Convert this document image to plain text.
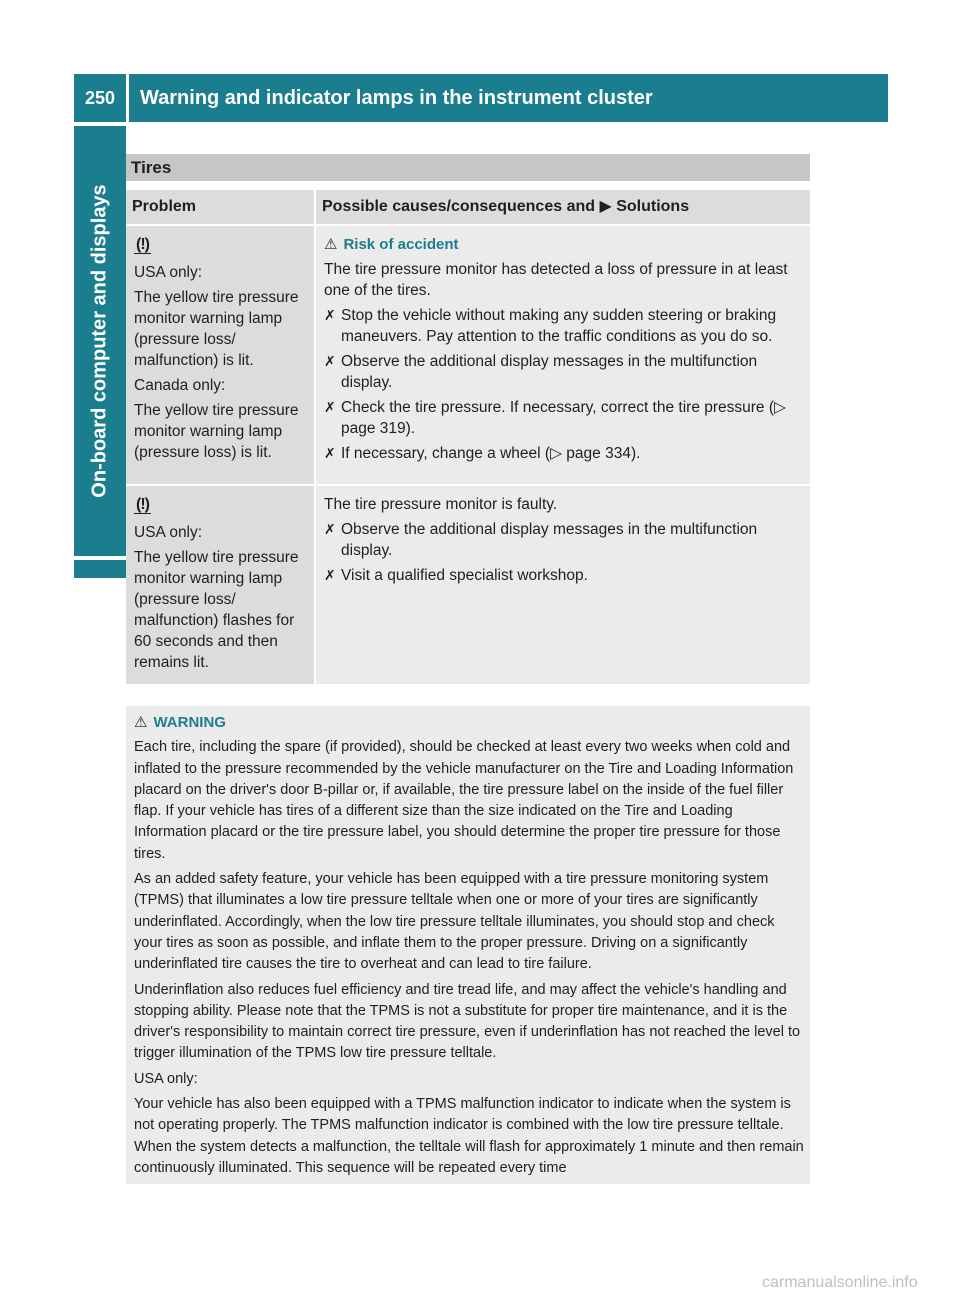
250	Warning and indicator lamps in the instrument cluster
On-board computer and displays
Tires
Problem	Possible causes/consequences and ▶ Solutions
(!)

USA only:

The yellow tire pressure monitor warning lamp (pressure loss/ malfunction) is lit.

Canada only:

The yellow tire pressure monitor warning lamp (pressure loss) is lit.

⚠ Risk of accident

The tire pressure monitor has detected a loss of pressure in at least one of the tires.

✗ Stop the vehicle without making any sudden steering or braking maneuvers. Pay attention to the traffic conditions as you do so.
✗ Observe the additional display messages in the multifunction display.
✗ Check the tire pressure. If necessary, correct the tire pressure (▷ page 319).
✗ If necessary, change a wheel (▷ page 334).
(!)

USA only:

The yellow tire pressure monitor warning lamp (pressure loss/ malfunction) flashes for 60 seconds and then remains lit.

The tire pressure monitor is faulty.

✗ Observe the additional display messages in the multifunction display.
✗ Visit a qualified specialist workshop.
⚠ WARNING

Each tire, including the spare (if provided), should be checked at least every two weeks when cold and inflated to the pressure recommended by the vehicle manufacturer on the Tire and Loading Information placard on the driver's door B-pillar or, if available, the tire pressure label on the inside of the fuel filler flap. If your vehicle has tires of a different size than the size indicated on the Tire and Loading Information placard or the tire pressure label, you should determine the proper tire pressure for those tires.

As an added safety feature, your vehicle has been equipped with a tire pressure monitoring system (TPMS) that illuminates a low tire pressure telltale when one or more of your tires are significantly underinflated. Accordingly, when the low tire pressure telltale illuminates, you should stop and check your tires as soon as possible, and inflate them to the proper pressure. Driving on a significantly underinflated tire causes the tire to overheat and can lead to tire failure.

Underinflation also reduces fuel efficiency and tire tread life, and may affect the vehicle's handling and stopping ability. Please note that the TPMS is not a substitute for proper tire maintenance, and it is the driver's responsibility to maintain correct tire pressure, even if underinflation has not reached the level to trigger illumination of the TPMS low tire pressure telltale.

USA only:

Your vehicle has also been equipped with a TPMS malfunction indicator to indicate when the system is not operating properly. The TPMS malfunction indicator is combined with the low tire pressure telltale. When the system detects a malfunction, the telltale will flash for approximately 1 minute and then remain continuously illuminated. This sequence will be repeated every time

carmanualsonline.info
